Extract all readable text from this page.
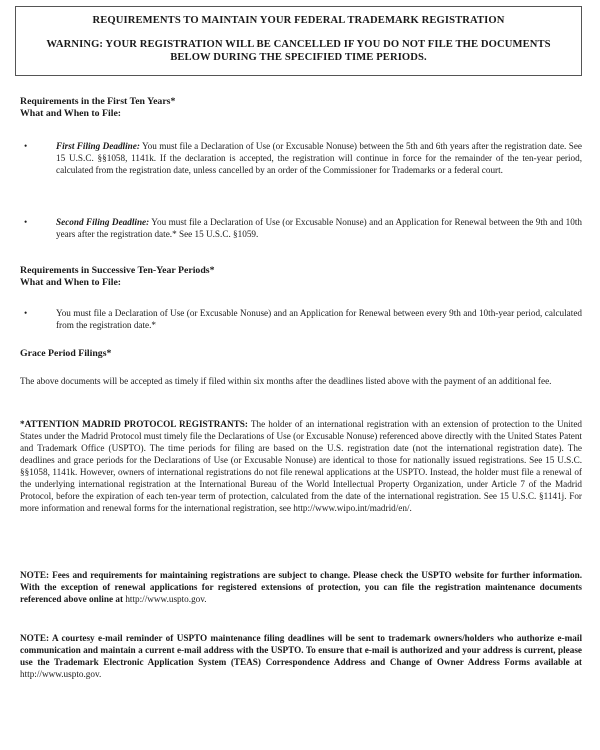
REQUIREMENTS TO MAINTAIN YOUR FEDERAL TRADEMARK REGISTRATION
WARNING: YOUR REGISTRATION WILL BE CANCELLED IF YOU DO NOT FILE THE DOCUMENTS BELOW DURING THE SPECIFIED TIME PERIODS.
Requirements in the First Ten Years*
What and When to File:
•	First Filing Deadline: You must file a Declaration of Use (or Excusable Nonuse) between the 5th and 6th years after the registration date. See 15 U.S.C. §§1058, 1141k. If the declaration is accepted, the registration will continue in force for the remainder of the ten-year period, calculated from the registration date, unless cancelled by an order of the Commissioner for Trademarks or a federal court.
•	Second Filing Deadline: You must file a Declaration of Use (or Excusable Nonuse) and an Application for Renewal between the 9th and 10th years after the registration date.* See 15 U.S.C. §1059.
Requirements in Successive Ten-Year Periods*
What and When to File:
•	You must file a Declaration of Use (or Excusable Nonuse) and an Application for Renewal between every 9th and 10th-year period, calculated from the registration date.*
Grace Period Filings*
The above documents will be accepted as timely if filed within six months after the deadlines listed above with the payment of an additional fee.
*ATTENTION MADRID PROTOCOL REGISTRANTS: The holder of an international registration with an extension of protection to the United States under the Madrid Protocol must timely file the Declarations of Use (or Excusable Nonuse) referenced above directly with the United States Patent and Trademark Office (USPTO). The time periods for filing are based on the U.S. registration date (not the international registration date). The deadlines and grace periods for the Declarations of Use (or Excusable Nonuse) are identical to those for nationally issued registrations. See 15 U.S.C. §§1058, 1141k. However, owners of international registrations do not file renewal applications at the USPTO. Instead, the holder must file a renewal of the underlying international registration at the International Bureau of the World Intellectual Property Organization, under Article 7 of the Madrid Protocol, before the expiration of each ten-year term of protection, calculated from the date of the international registration. See 15 U.S.C. §1141j. For more information and renewal forms for the international registration, see http://www.wipo.int/madrid/en/.
NOTE: Fees and requirements for maintaining registrations are subject to change. Please check the USPTO website for further information. With the exception of renewal applications for registered extensions of protection, you can file the registration maintenance documents referenced above online at http://www.uspto.gov.
NOTE: A courtesy e-mail reminder of USPTO maintenance filing deadlines will be sent to trademark owners/holders who authorize e-mail communication and maintain a current e-mail address with the USPTO. To ensure that e-mail is authorized and your address is current, please use the Trademark Electronic Application System (TEAS) Correspondence Address and Change of Owner Address Forms available at http://www.uspto.gov.
